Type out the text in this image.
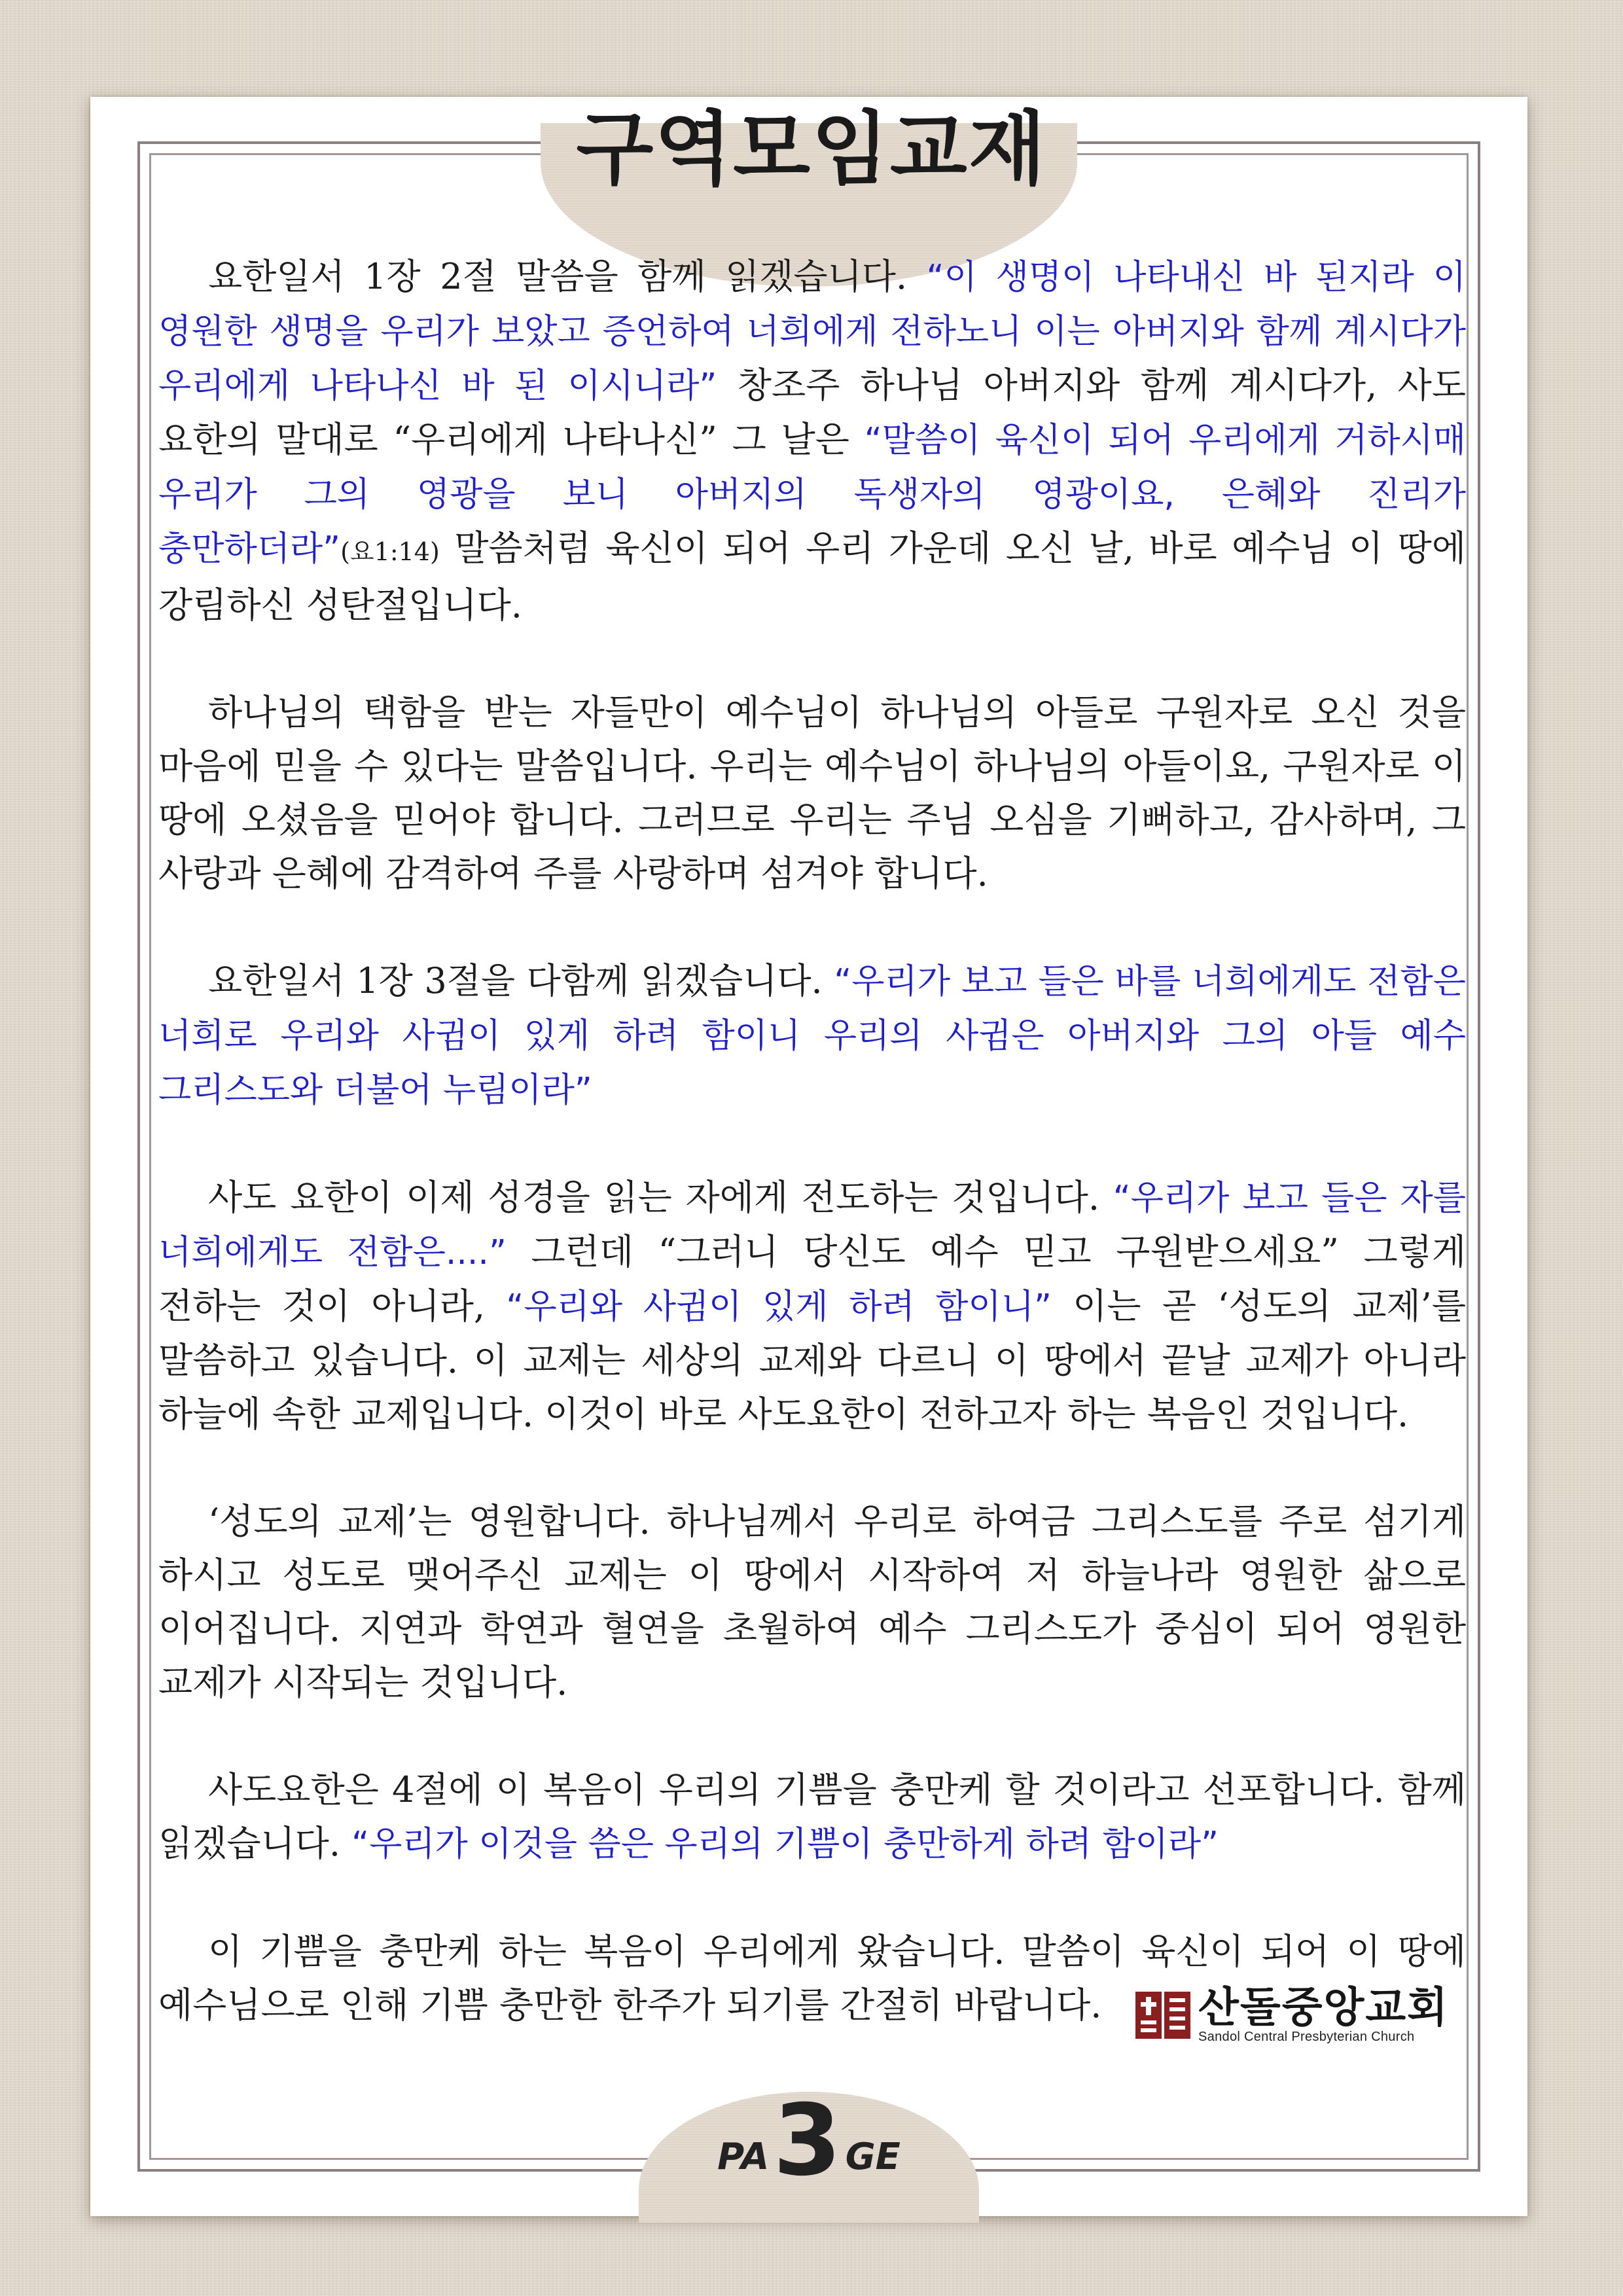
PA3 GE
구역모임교재

요한일서 1장 2절 말씀을 함께 읽겠습니다. “이 생명이 나타내신 바 된지라 이 영원한 생명을 우리가 보았고 증언하여 너희에게 전하노니 이는 아버지와 함께 계시다가 우리에게 나타나신 바 된 이시니라” 창조주 하나님 아버지와 함께 계시다가, 사도 요한의 말대로 “우리에게 나타나신” 그 날은 “말씀이 육신이 되어 우리에게 거하시매 우리가 그의 영광을 보니 아버지의 독생자의 영광이요, 은혜와 진리가 충만하더라”(요1:14) 말씀처럼 육신이 되어 우리 가운데 오신 날, 바로 예수님 이 땅에 강림하신 성탄절입니다.

하나님의 택함을 받는 자들만이 예수님이 하나님의 아들로 구원자로 오신 것을 마음에 믿을 수 있다는 말씀입니다. 우리는 예수님이 하나님의 아들이요, 구원자로 이 땅에 오셨음을 믿어야 합니다. 그러므로 우리는 주님 오심을 기뻐하고, 감사하며, 그 사랑과 은혜에 감격하여 주를 사랑하며 섬겨야 합니다.

요한일서 1장 3절을 다함께 읽겠습니다. “우리가 보고 들은 바를 너희에게도 전함은 너희로 우리와 사귐이 있게 하려 함이니 우리의 사귐은 아버지와 그의 아들 예수 그리스도와 더불어 누림이라”

사도 요한이 이제 성경을 읽는 자에게 전도하는 것입니다. “우리가 보고 들은 자를 너희에게도 전함은....” 그런데 “그러니 당신도 예수 믿고 구원받으세요” 그렇게 전하는 것이 아니라, “우리와 사귐이 있게 하려 함이니” 이는 곧 ‘성도의 교제’를 말씀하고 있습니다. 이 교제는 세상의 교제와 다르니 이 땅에서 끝날 교제가 아니라 하늘에 속한 교제입니다. 이것이 바로 사도요한이 전하고자 하는 복음인 것입니다.

‘성도의 교제’는 영원합니다. 하나님께서 우리로 하여금 그리스도를 주로 섬기게 하시고 성도로 맺어주신 교제는 이 땅에서 시작하여 저 하늘나라 영원한 삶으로 이어집니다. 지연과 학연과 혈연을 초월하여 예수 그리스도가 중심이 되어 영원한 교제가 시작되는 것입니다.

사도요한은 4절에 이 복음이 우리의 기쁨을 충만케 할 것이라고 선포합니다. 함께 읽겠습니다. “우리가 이것을 씀은 우리의 기쁨이 충만하게 하려 함이라”

이 기쁨을 충만케 하는 복음이 우리에게 왔습니다. 말씀이 육신이 되어 이 땅에 예수님으로 인해 기쁨 충만한 한주가 되기를 간절히 바랍니다.	산돌중앙교회
Sandol Central Presbyterian Church
